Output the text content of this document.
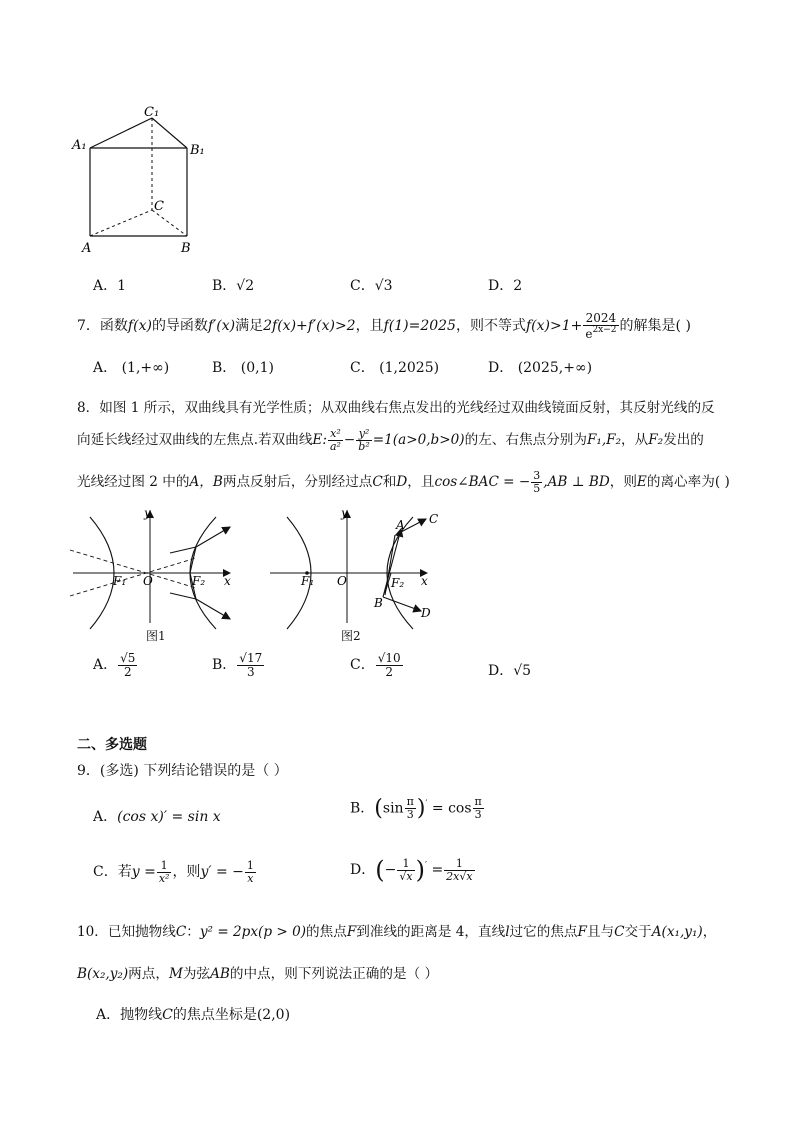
A₁	B₁
C₁
C
A	B
A．1	B．√2	C．√3	D．2
7．函数f(x)的导函数f′(x)满足2f(x)+f′(x)>2，且f(1)=2025，则不等式$f(x)>1+ \frac{2024}{e^{2x-2}}$ 的解集是( )
A． (1,+∞)	B． (0,1)	C． (1,2025)	D． (2025,+∞)
8．如图 1 所示，双曲线具有光学性质；从双曲线右焦点发出的光线经过双曲线镜面反射，其反射光线的反
向延长线经过双曲线的左焦点.若双曲线E: $\frac{\text{x²}}{\text{a²}} - \frac{\text{y²}}{\text{b²}} =1(a>0,b>0)$的左、右焦点分别为F₁,F₂，从F₂发出的
光线经过图 2 中的A，B两点反射后，分别经过点C和D，且cos∠BAC = − $\frac{3}{5} ,AB$ ⊥ BD，则E的离心率为( )
y
x
O
F₁	F₂
图1
y
x
O
F₁	F₂
A C
B
D
图2
A． $\frac{√5}{2}$	B． $\frac{√17}{3}$	C． $\frac{√10}{2}$	D．√5
二、多选题
9．(多选) 下列结论错误的是（ ）
A．(cos x)′ = sin x
B．$(\sin \frac{\pi}{3} )' = \cos \frac{\pi}{3}$
C．若$y = \frac{1}{\text{x²}}$ ，则y′ = − $\frac{1}{x}$	D．(− $\frac{1}{√x} )' = \frac{1}{2x√x}$
10．已知抛物线C：y² = 2px(p > 0)的焦点F到准线的距离是 4，直线l过它的焦点F且与C交于A(x₁,y₁)，
B(x₂,y₂)两点，M为弦AB的中点，则下列说法正确的是（ ）
A．抛物线C的焦点坐标是(2,0)
